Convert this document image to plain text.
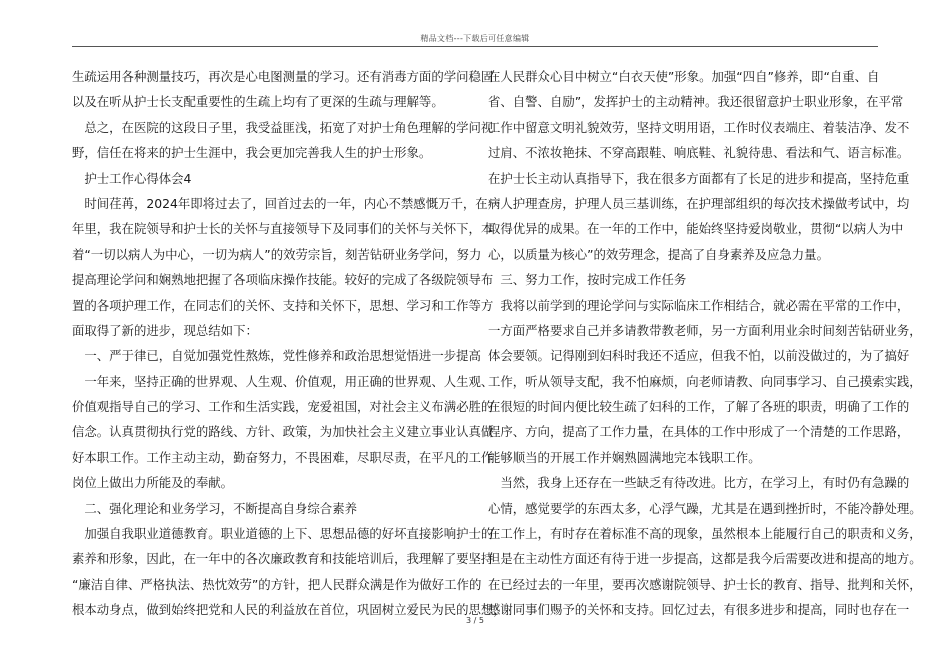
精品文档---下载后可任意编辑
生疏运用各种测量技巧，再次是心电图测量的学习。还有消毒方面的学问稳固
以及在听从护士长支配重要性的生疏上均有了更深的生疏与理解等。
　总之，在医院的这段日子里，我受益匪浅，拓宽了对护士角色理解的学问视
野，信任在将来的护士生涯中，我会更加完善我人生的护士形象。
　护士工作心得体会4
　时间荏苒，2024年即将过去了，回首过去的一年，内心不禁感慨万千，在一
年里，我在院领导和护士长的关怀与直接领导下及同事们的关怀与关怀下，本
着“一切以病人为中心，一切为病人”的效劳宗旨，刻苦钻研业务学问，努力
提高理论学问和娴熟地把握了各项临床操作技能。较好的完成了各级院领导布
置的各项护理工作，在同志们的关怀、支持和关怀下，思想、学习和工作等方
面取得了新的进步，现总结如下：
　一、严于律已，自觉加强党性熬炼，党性修养和政治思想觉悟进一步提高
　一年来，坚持正确的世界观、人生观、价值观，用正确的世界观、人生观、
价值观指导自己的学习、工作和生活实践，宠爱祖国，对社会主义布满必胜的
信念。认真贯彻执行党的路线、方针、政策，为加快社会主义建立事业认真做
好本职工作。工作主动主动，勤奋努力，不畏困难，尽职尽责，在平凡的工作
岗位上做出力所能及的奉献。
　二、强化理论和业务学习，不断提高自身综合素养
　加强自我职业道德教育。职业道德的上下、思想品德的好坏直接影响护士的
素养和形象，因此，在一年中的各次廉政教育和技能培训后，我理解了要坚持
“廉洁自律、严格执法、热忱效劳”的方针，把人民群众满是作为做好工作的
根本动身点，做到始终把党和人民的利益放在首位，巩固树立爱民为民的思想，
在人民群众心目中树立“白衣天使”形象。加强“四自”修养，即“自重、自
省、自警、自励”，发挥护士的主动精神。我还很留意护士职业形象，在平常
工作中留意文明礼貌效劳，坚持文明用语，工作时仪表端庄、着装洁净、发不
过肩、不浓妆艳抹、不穿高跟鞋、响底鞋、礼貌待患、看法和气、语言标准。
在护士长主动认真指导下，我在很多方面都有了长足的进步和提高，坚持危重
病人护理查房，护理人员三基训练，在护理部组织的每次技术操做考试中，均
取得优异的成果。在一年的工作中，能始终坚持爱岗敬业，贯彻“以病人为中
心，以质量为核心”的效劳理念，提高了自身素养及应急力量。
　三、努力工作，按时完成工作任务
　我将以前学到的理论学问与实际临床工作相结合，就必需在平常的工作中，
一方面严格要求自己并多请教带教老师，另一方面利用业余时间刻苦钻研业务，
体会要领。记得刚到妇科时我还不适应，但我不怕，以前没做过的，为了搞好
工作，听从领导支配，我不怕麻烦，向老师请教、向同事学习、自己摸索实践，
在很短的时间内便比较生疏了妇科的工作，了解了各班的职责，明确了工作的
程序、方向，提高了工作力量，在具体的工作中形成了一个清楚的工作思路，
能够顺当的开展工作并娴熟圆满地完本钱职工作。
　当然，我身上还存在一些缺乏有待改进。比方，在学习上，有时仍有急躁的
心情，感觉要学的东西太多，心浮气躁，尤其是在遇到挫折时，不能冷静处理。
在工作上，有时存在着标准不高的现象，虽然根本上能履行自己的职责和义务，
但是在主动性方面还有待于进一步提高，这都是我今后需要改进和提高的地方。
在已经过去的一年里，要再次感谢院领导、护士长的教育、指导、批判和关怀，
感谢同事们赐予的关怀和支持。回忆过去，有很多进步和提高，同时也存在一
3 / 5
